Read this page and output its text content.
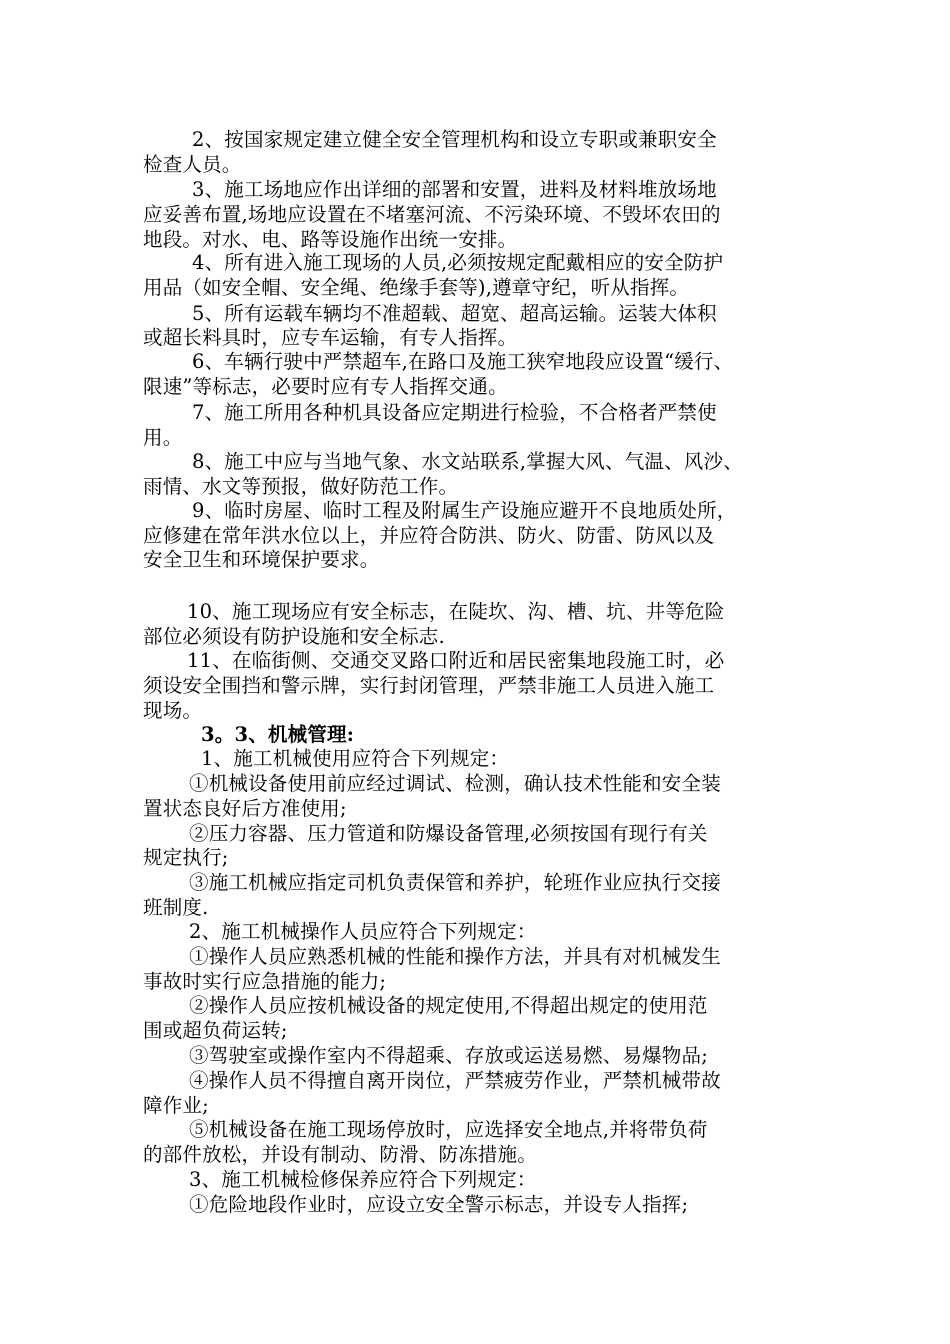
2、按国家规定建立健全安全管理机构和设立专职或兼职安全
检查人员。
3、施工场地应作出详细的部署和安置，进料及材料堆放场地
应妥善布置,场地应设置在不堵塞河流、不污染环境、不毁坏农田的
地段。对水、电、路等设施作出统一安排。
4、所有进入施工现场的人员,必须按规定配戴相应的安全防护
用品（如安全帽、安全绳、绝缘手套等),遵章守纪，听从指挥。
5、所有运载车辆均不准超载、超宽、超高运输。运装大体积
或超长料具时，应专车运输，有专人指挥。
6、车辆行驶中严禁超车,在路口及施工狭窄地段应设置“缓行、
限速”等标志，必要时应有专人指挥交通。
7、施工所用各种机具设备应定期进行检验，不合格者严禁使
用。
8、施工中应与当地气象、水文站联系,掌握大风、气温、风沙、
雨情、水文等预报，做好防范工作。
9、临时房屋、临时工程及附属生产设施应避开不良地质处所，
应修建在常年洪水位以上，并应符合防洪、防火、防雷、防风以及
安全卫生和环境保护要求。
10、施工现场应有安全标志，在陡坎、沟、槽、坑、井等危险
部位必须设有防护设施和安全标志.
11、在临街侧、交通交叉路口附近和居民密集地段施工时，必
须设安全围挡和警示牌，实行封闭管理，严禁非施工人员进入施工
现场。
3。3、机械管理:
1、施工机械使用应符合下列规定：
①机械设备使用前应经过调试、检测，确认技术性能和安全装
置状态良好后方准使用;
②压力容器、压力管道和防爆设备管理,必须按国有现行有关
规定执行;
③施工机械应指定司机负责保管和养护，轮班作业应执行交接
班制度.
2、施工机械操作人员应符合下列规定：
①操作人员应熟悉机械的性能和操作方法，并具有对机械发生
事故时实行应急措施的能力;
②操作人员应按机械设备的规定使用,不得超出规定的使用范
围或超负荷运转;
③驾驶室或操作室内不得超乘、存放或运送易燃、易爆物品;
④操作人员不得擅自离开岗位，严禁疲劳作业，严禁机械带故
障作业;
⑤机械设备在施工现场停放时，应选择安全地点,并将带负荷
的部件放松，并设有制动、防滑、防冻措施。
3、施工机械检修保养应符合下列规定：
①危险地段作业时，应设立安全警示标志，并设专人指挥;
